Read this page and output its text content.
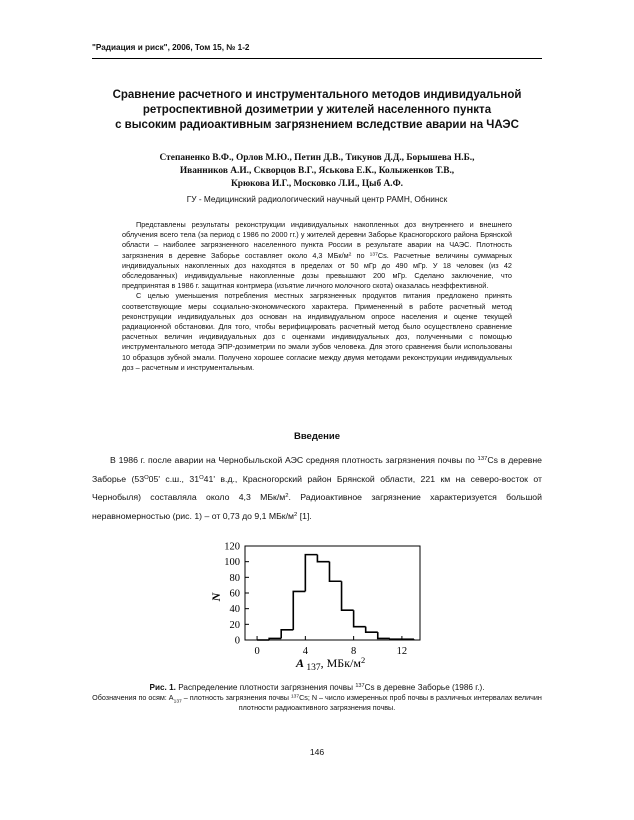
"Радиация и риск", 2006, Том 15, № 1-2
Сравнение расчетного и инструментального методов индивидуальной
ретроспективной дозиметрии у жителей населенного пункта
с высоким радиоактивным загрязнением вследствие аварии на ЧАЭС
Степаненко В.Ф., Орлов М.Ю., Петин Д.В., Тикунов Д.Д., Борышева Н.Б.,
Иванников А.И., Скворцов В.Г., Яськова Е.К., Колыженков Т.В.,
Крюкова И.Г., Московко Л.И., Цыб А.Ф.
ГУ - Медицинский радиологический научный центр РАМН, Обнинск

Представлены результаты реконструкции индивидуальных накопленных доз внутреннего и внешнего облучения всего тела (за период с 1986 по 2000 гг.) у жителей деревни Заборье Красногорского района Брянской области – наиболее загрязненного населенного пункта России в результате аварии на ЧАЭС. Плотность загрязнения в деревне Заборье составляет около 4,3 МБк/$м^2$ по $^{137}$Cs. Расчетные величины суммарных индивидуальных накопленных доз находятся в пределах от 50 мГр до 490 мГр. У 18 человек (из 42 обследованных) индивидуальные накопленные дозы превышают 200 мГр. Сделано заключение, что предпринятая в 1986 г. защитная контрмера (изъятие личного молочного скота) оказалась неэффективной.

С целью уменьшения потребления местных загрязненных продуктов питания предложено принять соответствующие меры социально-экономического характера. Примененный в работе расчетный метод реконструкции индивидуальных доз основан на индивидуальном опросе населения и оценке текущей радиационной обстановки. Для того, чтобы верифицировать расчетный метод было осуществлено сравнение расчетных величин индивидуальных доз с оценками индивидуальных доз, полученными с помощью инструментального метода ЭПР-дозиметрии по эмали зубов человека. Для этого сравнения были использованы 10 образцов зубной эмали. Получено хорошее согласие между двумя методами реконструкции индивидуальных доз – расчетным и инструментальным.

Введение

В 1986 г. после аварии на Чернобыльской АЭС средняя плотность загрязнения почвы по $^{137}$Cs в деревне Заборье ($53^O05'$ с.ш., $31^O41'$ в.д., Красногорский район Брянской области, 221 км на северо-восток от Чернобыля) составляла около 4,3 МБк/$м^2$. Радиоактивное загрязнение характеризуется большой неравномерностью (рис. 1) – от 0,73 до 9,1 МБк/$м^2$ [1].

0
20
40
60
80
100
120
0	4	8	12
N
A $_{137}$, МБк/$м^2$
Рис. 1. Распределение плотности загрязнения почвы $^{137}$Cs в деревне Заборье (1986 г.).
Обозначения по осям: $A_{137}$ – плотность загрязнения почвы $^{137}$Cs; N – число измеренных проб почвы в различных интервалах величин плотности радиоактивного загрязнения почвы.
146
